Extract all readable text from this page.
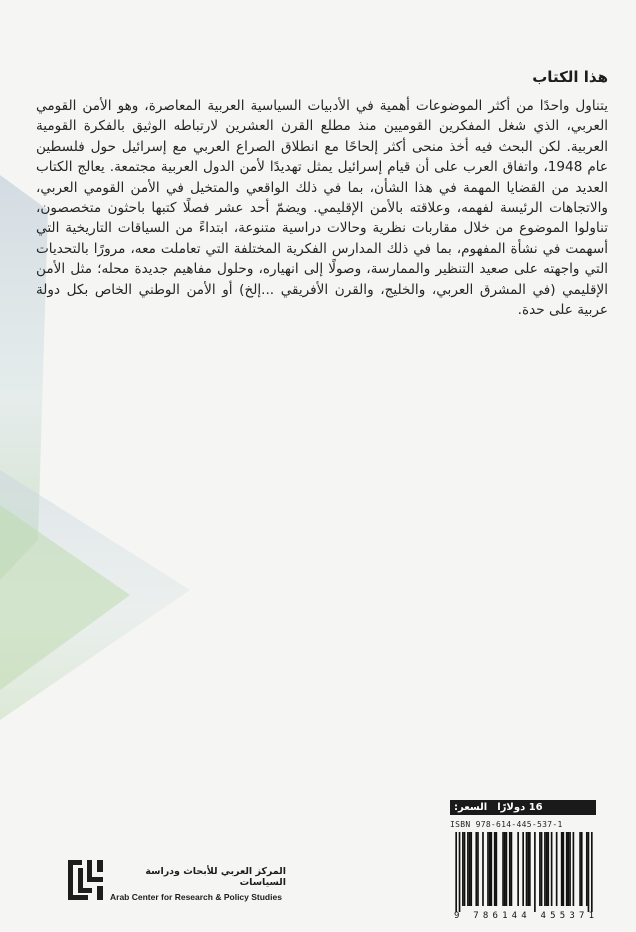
هذا الكتاب

يتناول واحدًا من أكثر الموضوعات أهمية في الأدبيات السياسية العربية المعاصرة، وهو الأمن القومي العربي، الذي شغل المفكرين القوميين منذ مطلع القرن العشرين لارتباطه الوثيق بالفكرة القومية العربية. لكن البحث فيه أخذ منحى أكثر إلحاحًا مع انطلاق الصراع العربي مع إسرائيل حول فلسطين عام 1948، واتفاق العرب على أن قيام إسرائيل يمثل تهديدًا لأمن الدول العربية مجتمعة. يعالج الكتاب العديد من القضايا المهمة في هذا الشأن، بما في ذلك الواقعي والمتخيل في الأمن القومي العربي، والاتجاهات الرئيسة لفهمه، وعلاقته بالأمن الإقليمي. ويضمّ أحد عشر فصلًا كتبها باحثون متخصصون، تناولوا الموضوع من خلال مقاربات نظرية وحالات دراسية متنوعة، ابتداءً من السياقات التاريخية التي أسهمت في نشأة المفهوم، بما في ذلك المدارس الفكرية المختلفة التي تعاملت معه، مرورًا بالتحديات التي واجهته على صعيد التنظير والممارسة، وصولًا إلى انهياره، وحلول مفاهيم جديدة محله؛ مثل الأمن الإقليمي (في المشرق العربي، والخليج، والقرن الأفريقي ...إلخ) أو الأمن الوطني الخاص بكل دولة عربية على حدة.

السعر: 16 دولارًا
ISBN 978-614-445-537-1
9 786144 455371
المركز العربي للأبحاث ودراسة السياسات
Arab Center for Research & Policy Studies
